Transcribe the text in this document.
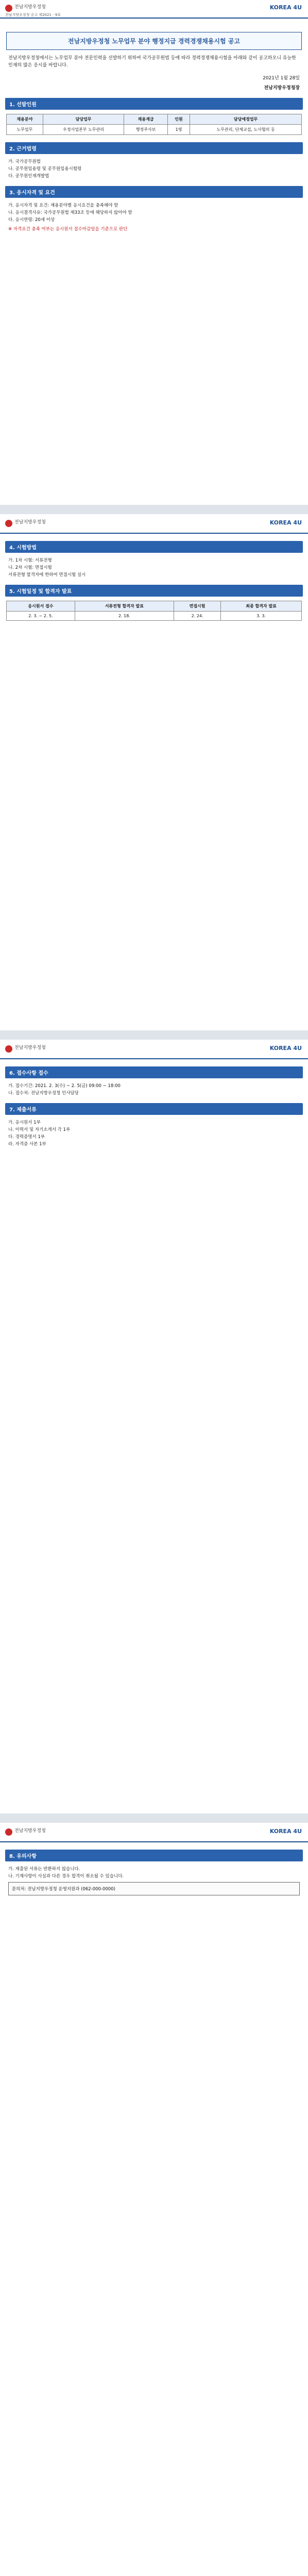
전남지방우정청
전남지방우정청 공고 제2021 - 9호
KOREA 4U
전남지방우정청 노무업무 분야 행정지급 경력경쟁채용시험 공고
전남지방우정청에서는 노무업무 분야 전문인력을 선발하기 위하여 국가공무원법 등에 따라 경력경쟁채용시험을 아래와 같이 공고하오니 유능한 인재의 많은 응시를 바랍니다.
2021년 1월 28일
전남지방우정청장
1. 선발인원
채용분야	담당업무	채용계급	인원	담당예정업무
노무업무	우정사업본부 노무관리	행정주사보	1명	노무관리, 단체교섭, 노사협의 등
2. 근거법령
가. 국가공무원법
나. 공무원임용령 및 공무원임용시험령
다. 공무원인재개발법
3. 응시자격 및 요건
가. 응시자격 및 요건: 채용분야별 응시요건을 충족해야 함
나. 응시결격사유: 국가공무원법 제33조 등에 해당하지 않아야 함
다. 응시연령: 20세 이상
※ 자격요건 충족 여부는 응시원서 접수마감일을 기준으로 판단
전남지방우정청	KOREA 4U
4. 시험방법
가. 1차 시험: 서류전형
나. 2차 시험: 면접시험
서류전형 합격자에 한하여 면접시험 실시
5. 시험일정 및 합격자 발표
응시원서 접수	서류전형 합격자 발표	면접시험	최종 합격자 발표
2. 3. ~ 2. 5.	2. 18.	2. 24.	3. 3.
전남지방우정청	KOREA 4U
6. 접수사항 접수
가. 접수기간: 2021. 2. 3(수) ~ 2. 5(금) 09:00 ~ 18:00
나. 접수처: 전남지방우정청 인사담당
7. 제출서류
가. 응시원서 1부
나. 이력서 및 자기소개서 각 1부
다. 경력증명서 1부
라. 자격증 사본 1부
전남지방우정청	KOREA 4U
8. 유의사항
가. 제출된 서류는 반환하지 않습니다.
나. 기재사항이 사실과 다른 경우 합격이 취소될 수 있습니다.
문의처: 전남지방우정청 운영지원과 (062-000-0000)
